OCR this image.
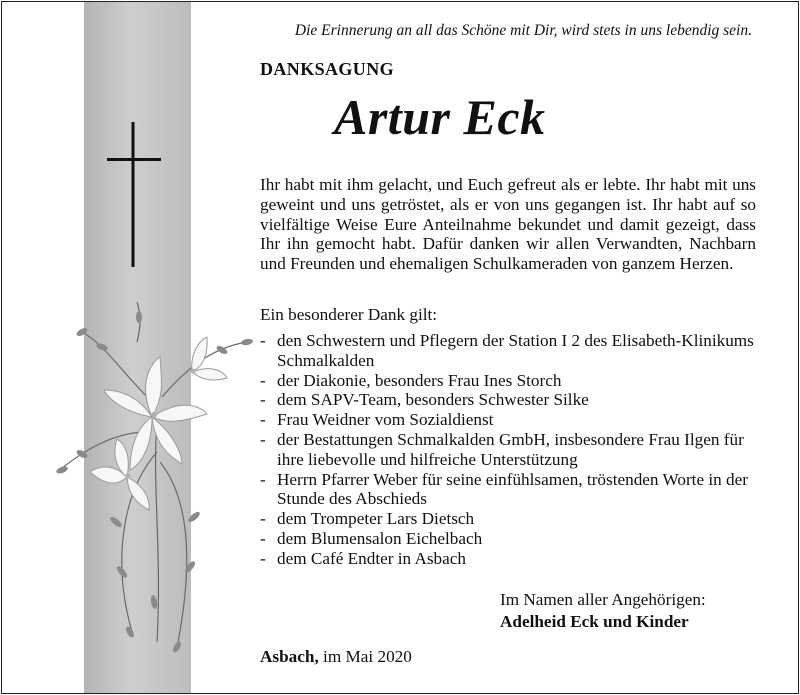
Die Erinnerung an all das Schöne mit Dir, wird stets in uns lebendig sein.
DANKSAGUNG
Artur Eck
Ihr habt mit ihm gelacht, und Euch gefreut als er lebte. Ihr habt mit uns geweint und uns getröstet, als er von uns gegangen ist. Ihr habt auf so vielfältige Weise Eure Anteilnahme bekundet und damit gezeigt, dass Ihr ihn gemocht habt. Dafür danken wir allen Verwandten, Nachbarn und Freunden und ehemaligen Schulkameraden von ganzem Herzen.
Ein besonderer Dank gilt:
- den Schwestern und Pflegern der Station I 2 des Elisabeth-Klinikums Schmalkalden
- der Diakonie, besonders Frau Ines Storch
- dem SAPV-Team, besonders Schwester Silke
- Frau Weidner vom Sozialdienst
- der Bestattungen Schmalkalden GmbH, insbesondere Frau Ilgen für ihre liebevolle und hilfreiche Unterstützung
- Herrn Pfarrer Weber für seine einfühlsamen, tröstenden Worte in der Stunde des Abschieds
- dem Trompeter Lars Dietsch
- dem Blumensalon Eichelbach
- dem Café Endter in Asbach
Im Namen aller Angehörigen:
Adelheid Eck und Kinder
Asbach, im Mai 2020
